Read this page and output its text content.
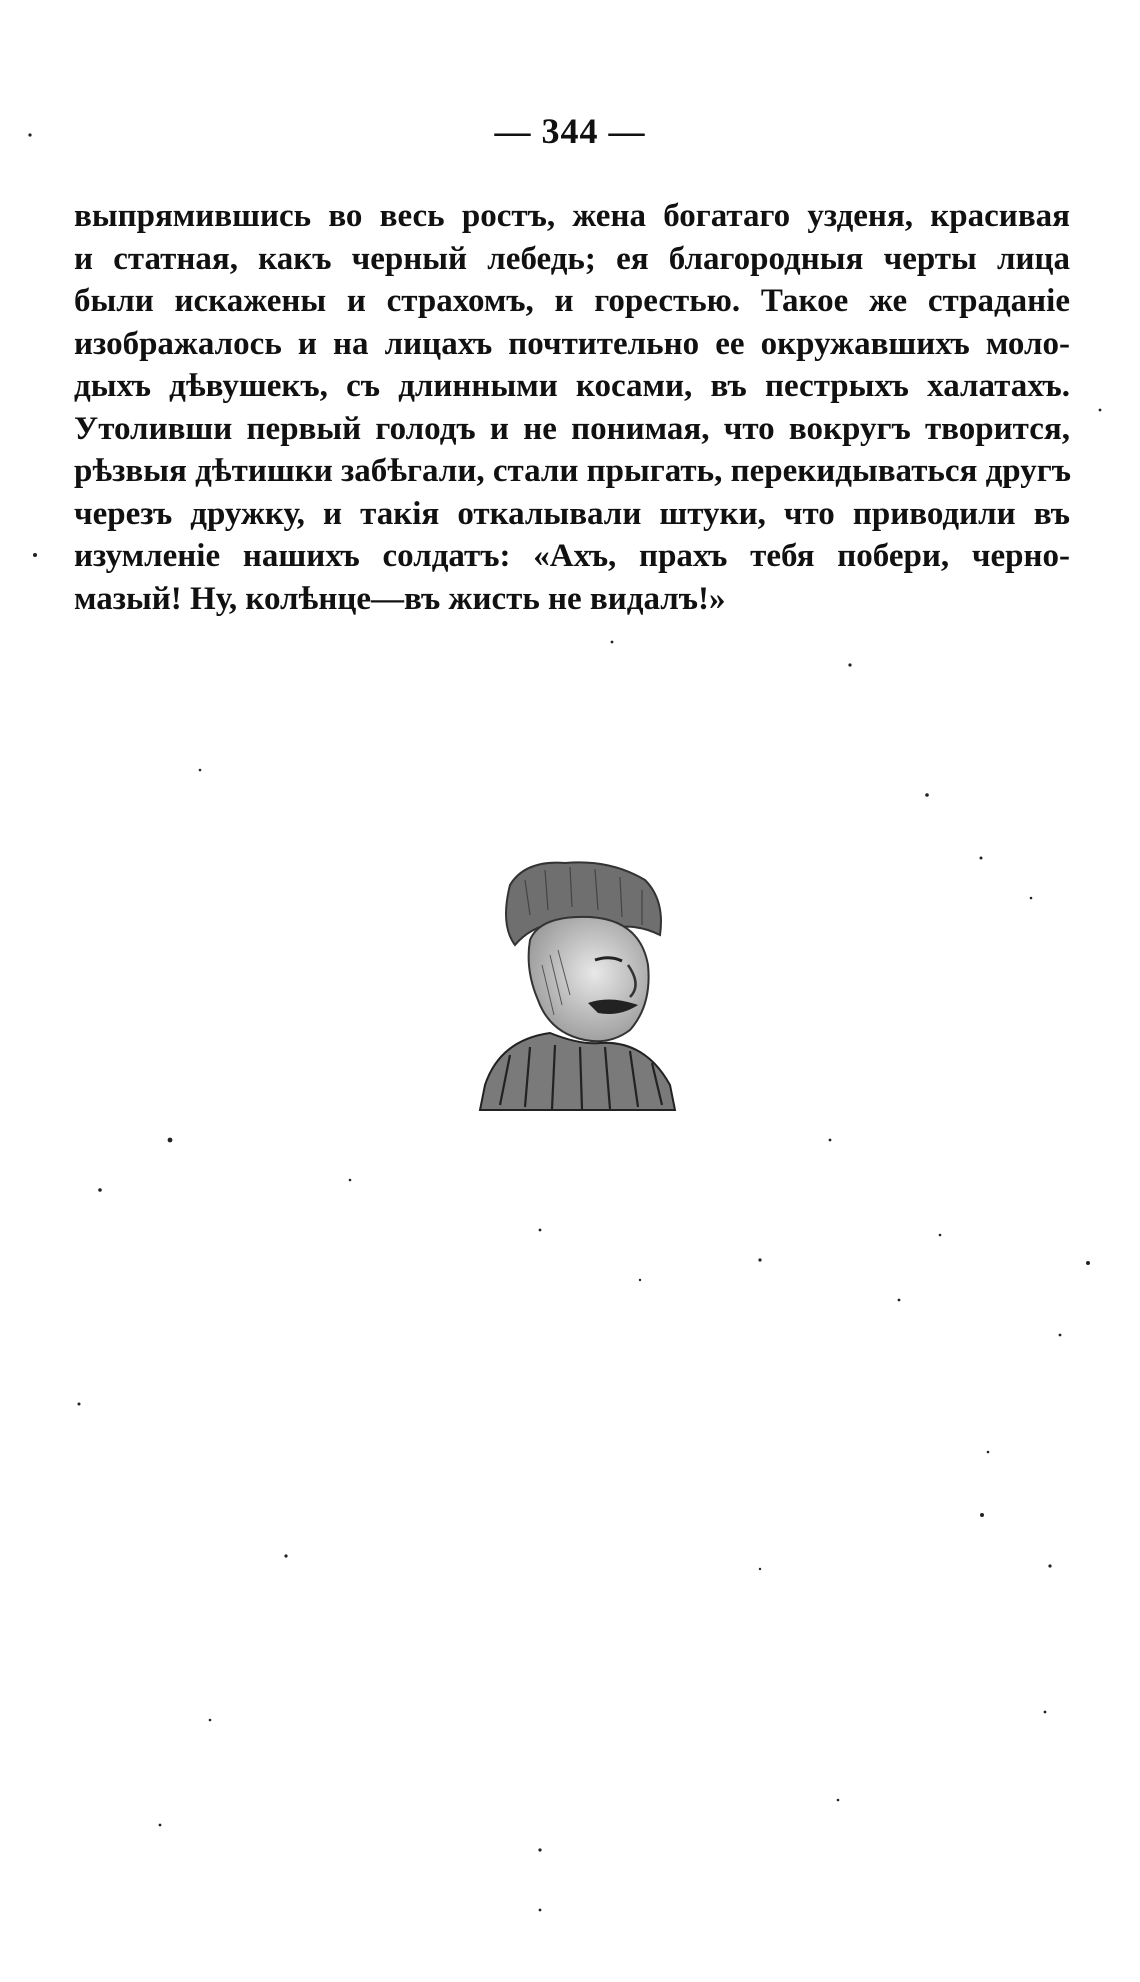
— 344 —
выпрямившись во весь ростъ, жена богатаго узденя, красивая
и статная, какъ черный лебедь; ея благородныя черты лица
были искажены и страхомъ, и горестью. Такое же страданіе
изображалось и на лицахъ почтительно ее окружавшихъ моло-
дыхъ дѣвушекъ, съ длинными косами, въ пестрыхъ халатахъ.
Утоливши первый голодъ и не понимая, что вокругъ творится,
рѣзвыя дѣтишки забѣгали, стали прыгать, перекидываться другъ
черезъ дружку, и такія откалывали штуки, что приводили въ
изумленіе нашихъ солдатъ: «Ахъ, прахъ тебя побери, черно-
мазый! Ну, колѣнце—въ жисть не видалъ!»
